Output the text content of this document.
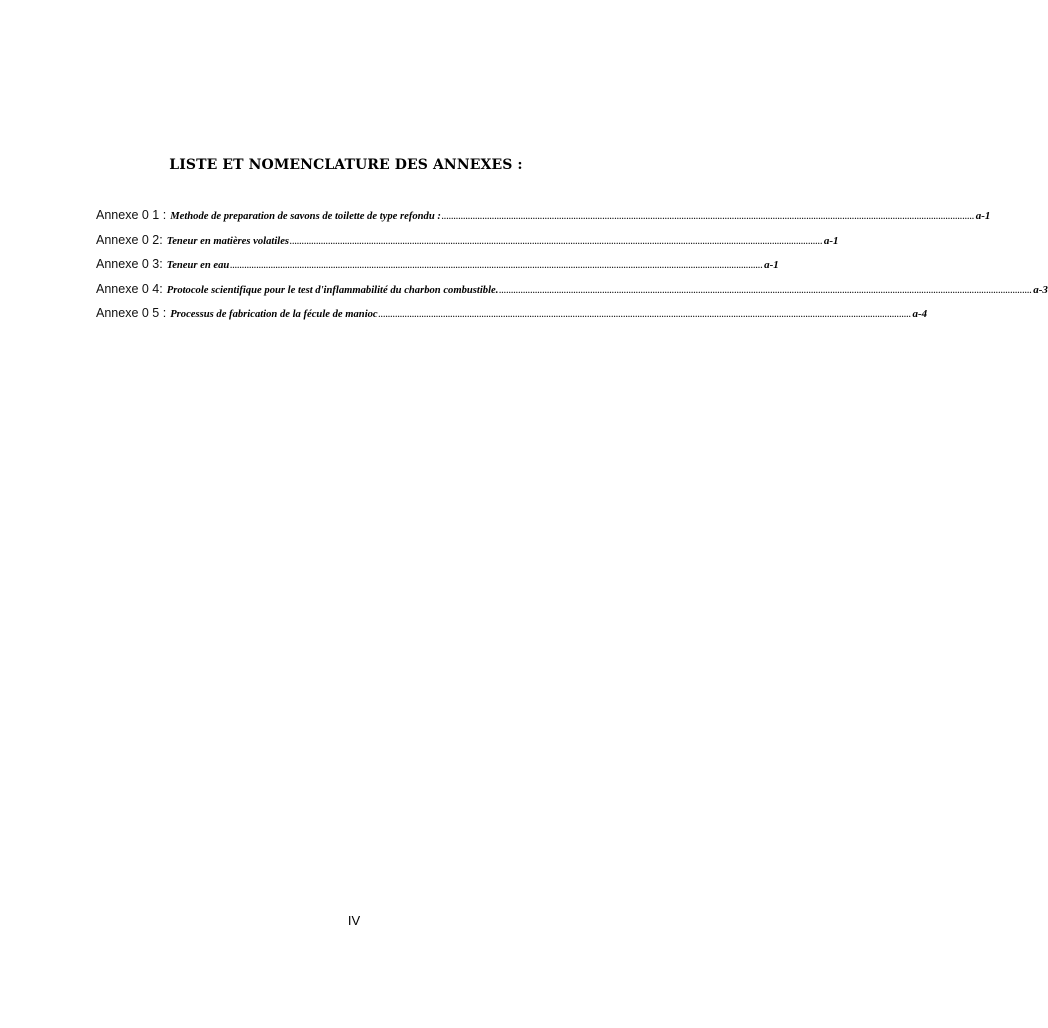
LISTE ET NOMENCLATURE DES ANNEXES :
Annexe 0 1 : Methode de preparation de savons de toilette de type refondu : .............................................................................................................................................................................................................................. a-1
Annexe 0 2: Teneur en matières volatiles .............................................................................................................................................................................................................................. a-1
Annexe 0 3: Teneur en eau .............................................................................................................................................................................................................................. a-1
Annexe 0 4: Protocole scientifique pour le test d'inflammabilité du charbon combustible. .............................................................................................................................................................................................................................. a-3
Annexe 0 5 : Processus de fabrication de la fécule de manioc .............................................................................................................................................................................................................................. a-4

IV
